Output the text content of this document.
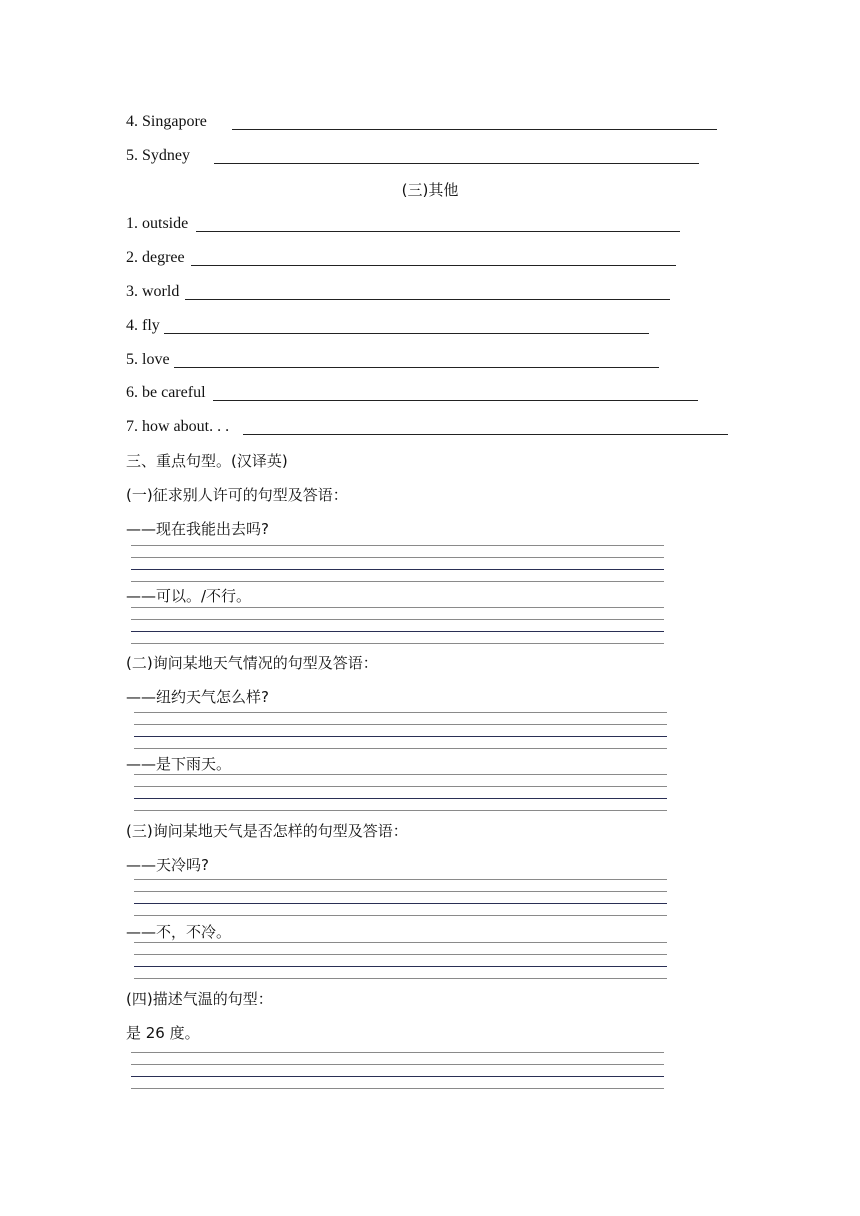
4. Singapore
5. Sydney
(三)其他
1. outside
2. degree
3. world
4. fly
5. love
6. be careful
7. how about. . .
三、重点句型。(汉译英)
(一)征求别人许可的句型及答语：
——现在我能出去吗?
——可以。/不行。
(二)询问某地天气情况的句型及答语：
——纽约天气怎么样?
——是下雨天。
(三)询问某地天气是否怎样的句型及答语：
——天冷吗?
——不，不冷。
(四)描述气温的句型：
是 26 度。
